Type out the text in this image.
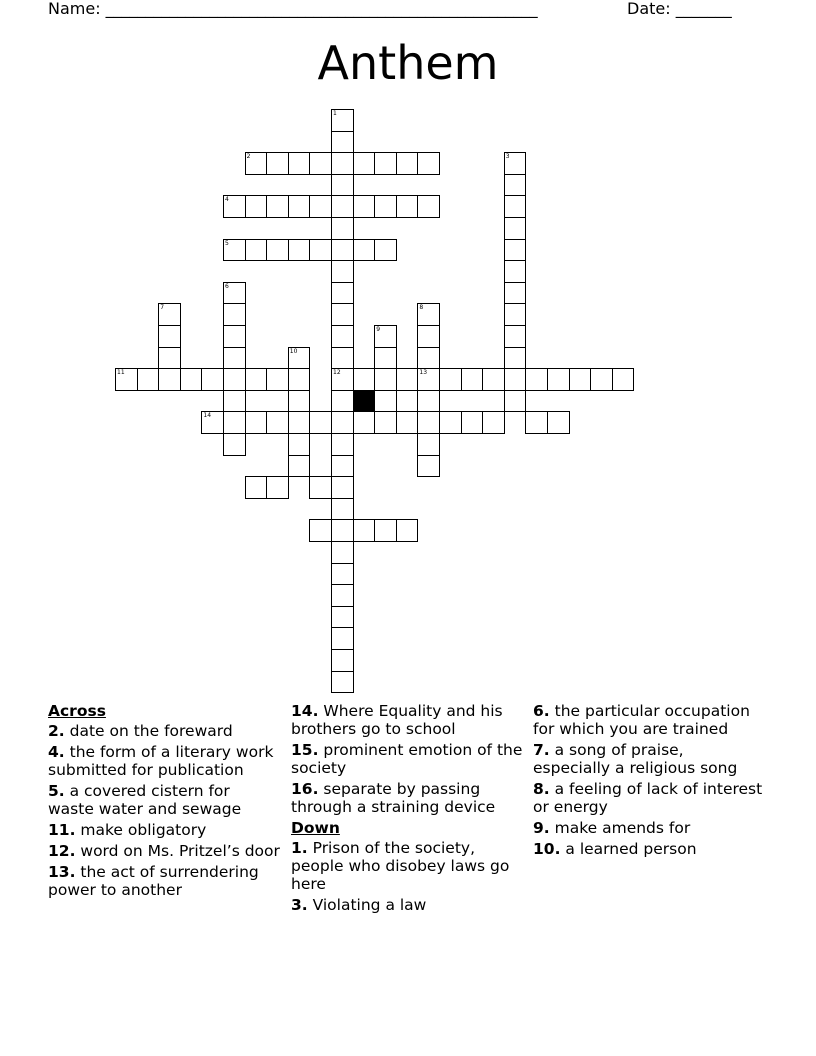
Name: ______________________________________________________	Date: _______
Anthem
1
12
2
4
5
3
6
7	8
13
9
10
11
14
Across
2. date on the foreward
4. the form of a literary work submitted for publication
5. a covered cistern for waste water and sewage
11. make obligatory
12. word on Ms. Pritzel’s door
13. the act of surrendering power to another
14. Where Equality and his brothers go to school
15. prominent emotion of the society
16. separate by passing through a straining device
Down
1. Prison of the society, people who disobey laws go here
3. Violating a law
6. the particular occupation for which you are trained
7. a song of praise, especially a religious song
8. a feeling of lack of interest or energy
9. make amends for
10. a learned person
